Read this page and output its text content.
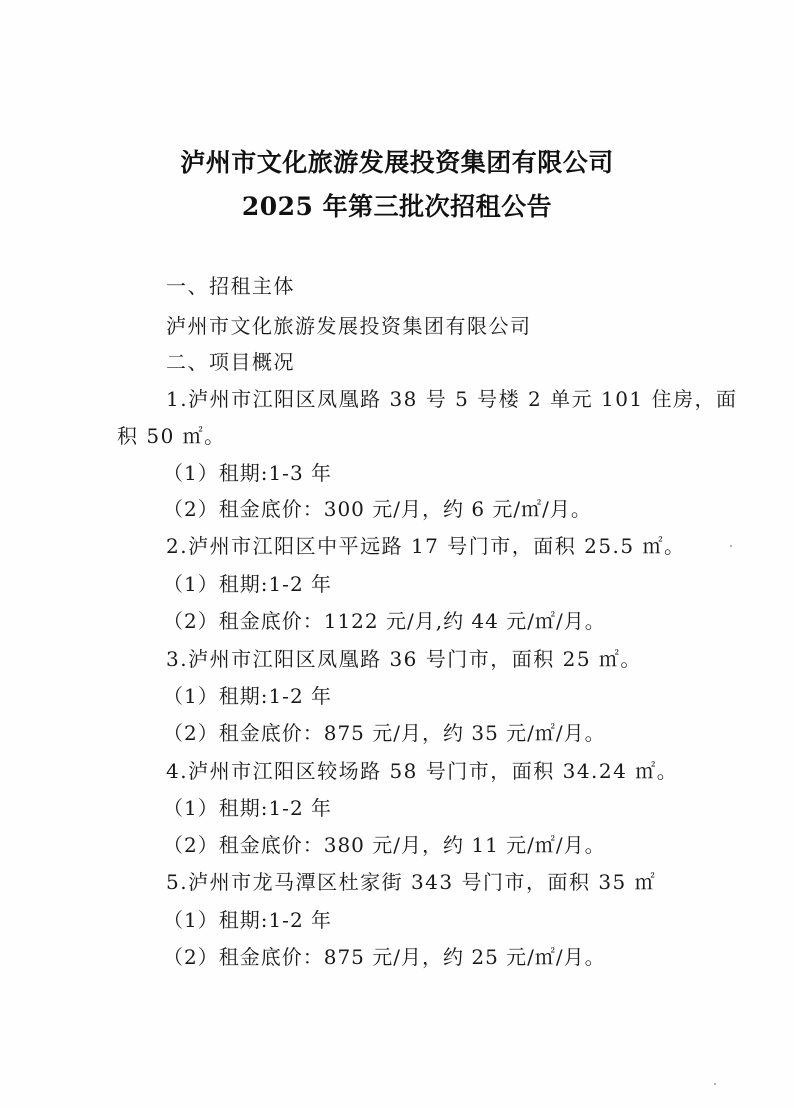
泸州市文化旅游发展投资集团有限公司
2025 年第三批次招租公告
一、招租主体
泸州市文化旅游发展投资集团有限公司
二、项目概况
1.泸州市江阳区凤凰路 38 号 5 号楼 2 单元 101 住房，面
积 50 ㎡。
（1）租期:1-3 年
（2）租金底价：300 元/月，约 6 元/㎡/月。
2.泸州市江阳区中平远路 17 号门市，面积 25.5 ㎡。
（1）租期:1-2 年
（2）租金底价：1122 元/月,约 44 元/㎡/月。
3.泸州市江阳区凤凰路 36 号门市，面积 25 ㎡。
（1）租期:1-2 年
（2）租金底价：875 元/月，约 35 元/㎡/月。
4.泸州市江阳区较场路 58 号门市，面积 34.24 ㎡。
（1）租期:1-2 年
（2）租金底价：380 元/月，约 11 元/㎡/月。
5.泸州市龙马潭区杜家街 343 号门市，面积 35 ㎡
（1）租期:1-2 年
（2）租金底价：875 元/月，约 25 元/㎡/月。
